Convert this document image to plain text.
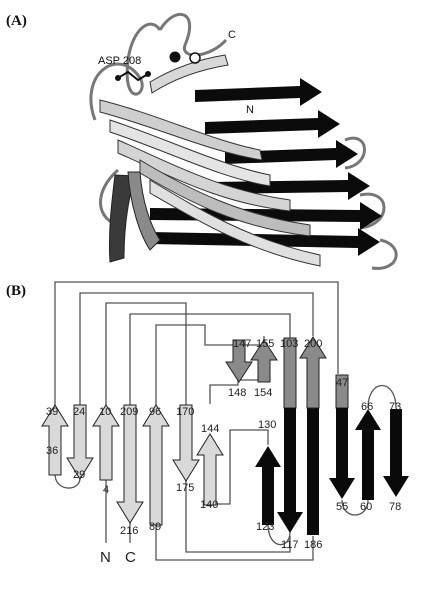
(A)
ASP 208
C
N
(B)
39
36
24
29
10
4
209
216
96
89
170
175
144
140
147
148
155
154
130
123
103
117
200
186
47
55
66
60
73
78
N C
